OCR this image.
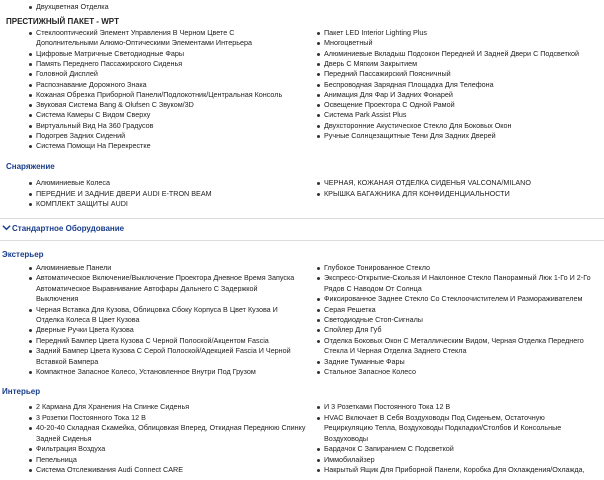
Двухцветная Отделка
ПРЕСТИЖНЫЙ ПАКЕТ - WPT
Стеклооптический Элемент Управления В Черном Цвете С
Дополнительными Алюмо-Оптическими Элементами Интерьера
Цифровые Матричные Светодиодные Фары
Память Переднего Пассажирского Сиденья
Головной Дисплей
Распознавание Дорожного Знака
Кожаная Обрезка Приборной Панели/Подлокотник/Центральная Консоль
Звуковая Система Bang & Olufsen С Звуком/3D
Система Камеры С Видом Сверху
Виртуальный Вид На 360 Градусов
Подогрев Задних Сидений
Система Помощи На Перекрестке
Пакет LED Interior Lighting Plus
Многоцветный
Алюминиевые Вкладыш Подсокон Передней И Задней Двери С Подсветкой
Дверь С Мягким Закрытием
Передний Пассажирский Поясничный
Беспроводная Зарядная Площадка Для Телефона
Анимация Для Фар И Задних Фонарей
Освещение Проектора С Одной Рамой
Система Park Assist Plus
Двухсторонние Акустическое Стекло Для Боковых Окон
Ручные Солнцезащитные Тени Для Задних Дверей
Снаряжение
Алюминиевые Колеса
ПЕРЕДНИЕ И ЗАДНИЕ ДВЕРИ AUDI E-TRON BEAM
КОМПЛЕКТ ЗАЩИТЫ AUDI
ЧЕРНАЯ, КОЖАНАЯ ОТДЕЛКА СИДЕНЬЯ VALCONA/MILANO
КРЫШКА БАГАЖНИКА ДЛЯ КОНФИДЕНЦИАЛЬНОСТИ
Стандартное Оборудование
Экстерьер
Алюминиевые Панели
Автоматическое Включение/Выключение Проектора Дневное Время Запуска
Автоматическое Выравнивание Автофары Дальнего С Задержкой
Выключения
Черная Вставка Для Кузова, Облицовка Сбоку Корпуса В Цвет Кузова И
Отделка Колеса В Цвет Кузова
Дверные Ручки Цвета Кузова
Передний Бампер Цвета Кузова С Черной Полоской/Акцентом Fascia
Задний Бампер Цвета Кузова С Серой Полоской/Адекцией Fascia И Черной
Вставкой Бампера
Компактное Запасное Колесо, Установленное Внутри Под Грузом
Глубокое Тонированное Стекло
Экспресс-Открытие-Скользя И Наклонное Стекло Панорамный Люк 1-Го И 2-Го
Рядов С Наводом От Солнца
Фиксированное Заднее Стекло Со Стеклоочистителем И Размораживателем
Серая Решетка
Светодиодные Стоп-Сигналы
Спойлер Для Губ
Отделка Боковых Окон С Металлическим Видом, Черная Отделка Переднего
Стекла И Черная Отделка Заднего Стекла
Задние Туманные Фары
Стальное Запасное Колесо
Интерьер
2 Кармана Для Хранения На Спинке Сиденья
3 Розетки Постоянного Тока 12 В
40-20-40 Складная Скамейка, Облицовкая Вперед, Откидная Переднюю Спинку
Задней Сиденья
Фильтрация Воздуха
Пепельница
Система Отслеживания Audi Connect CARE
И 3 Розетками Постоянного Тока 12 В
HVAC Включает В Себя Воздуховоды Под Сиденьем, Остаточную
Рециркуляцию Тепла, Воздуховоды Подкладки/Столбов И Консольные
Воздуховоды
Бардачок С Запиранием С Подсветкой
Иммобилайзер
Накрытый Ящик Для Приборной Панели, Коробка Для Охлаждения/Охлажда,
